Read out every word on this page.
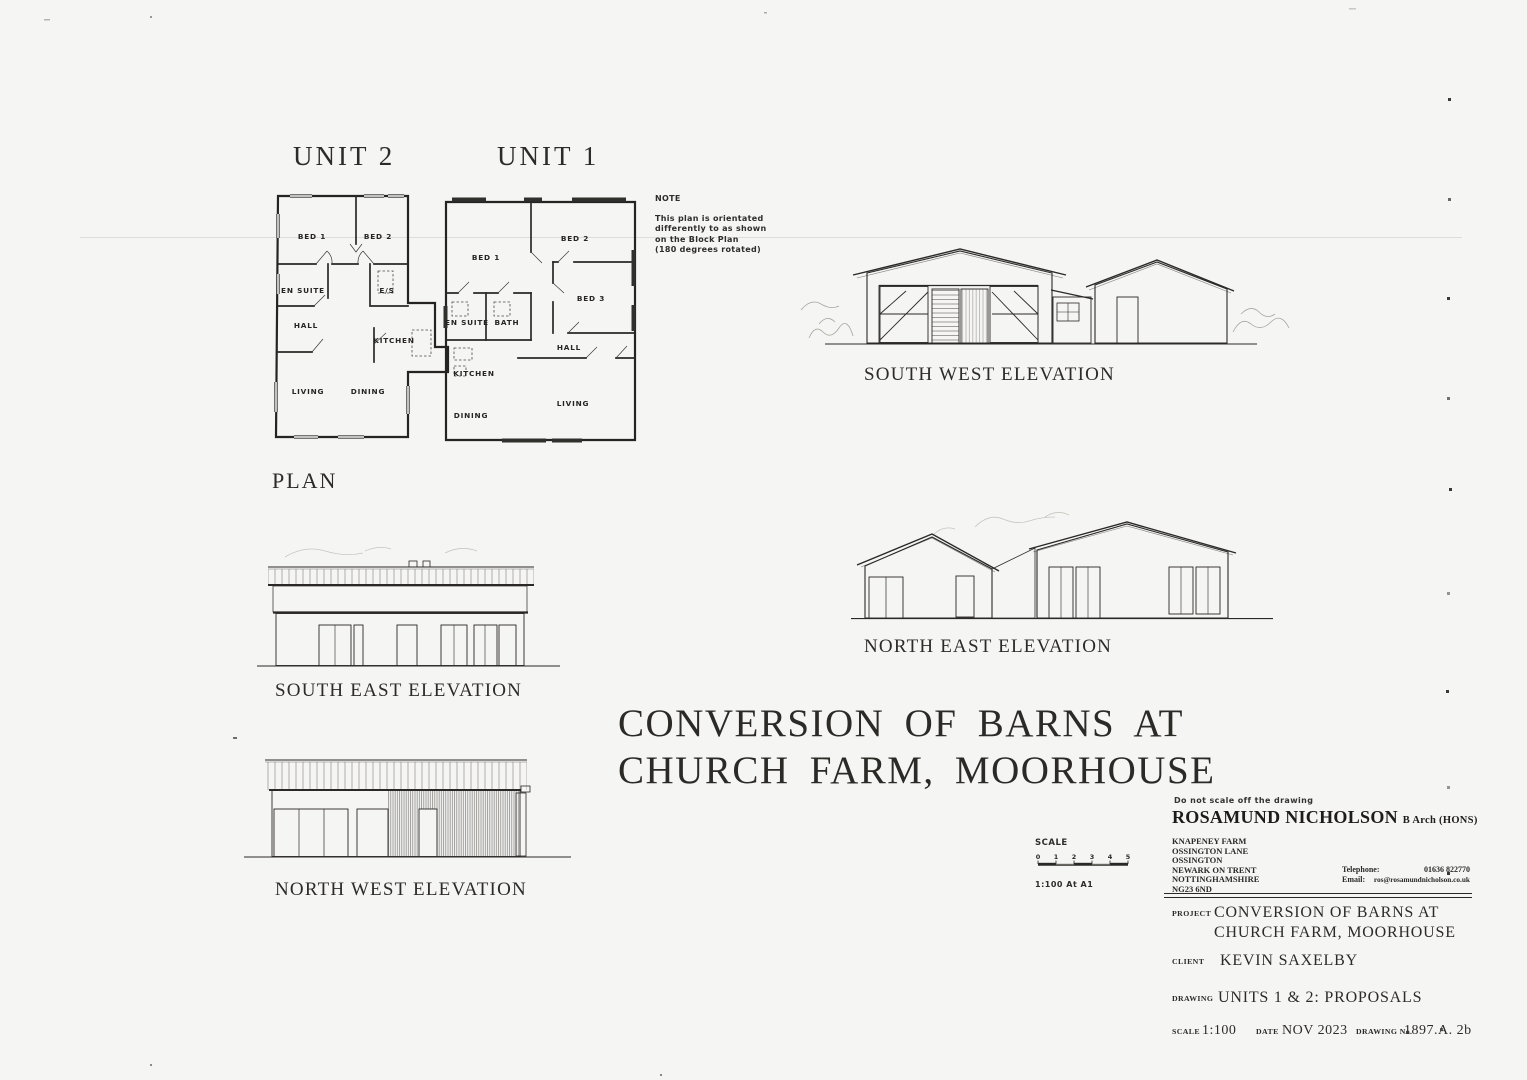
UNIT 2	UNIT 1
BED 1	BED 2
EN SUITE	E/S
HALL
KITCHEN
LIVING	DINING
BED 1
BED 2
BED 3
EN SUITE BATH
HALL
KITCHEN
DINING
LIVING
NOTE
This plan is orientated
differently to as shown
on the Block Plan
(180 degrees rotated)
PLAN
SOUTH WEST ELEVATION
NORTH EAST ELEVATION
SOUTH EAST ELEVATION
NORTH WEST ELEVATION
CONVERSION OF BARNS AT
CHURCH FARM, MOORHOUSE
SCALE
0 1 2 3 4 5
1:100 At A1
Do not scale off the drawing
ROSAMUND NICHOLSON B Arch (HONS)
KNAPENEY FARM
OSSINGTON LANE
OSSINGTON
NEWARK ON TRENT
NOTTINGHAMSHIRE
NG23 6ND
Telephone:	01636 822770
Email: ros@rosamundnicholson.co.uk
PROJECT CONVERSION OF BARNS AT
CHURCH FARM, MOORHOUSE
CLIENT KEVIN SAXELBY
DRAWING UNITS 1 & 2: PROPOSALS
SCALE 1:100	DATE NOV 2023 DRAWING No.
1897.A. 2b
